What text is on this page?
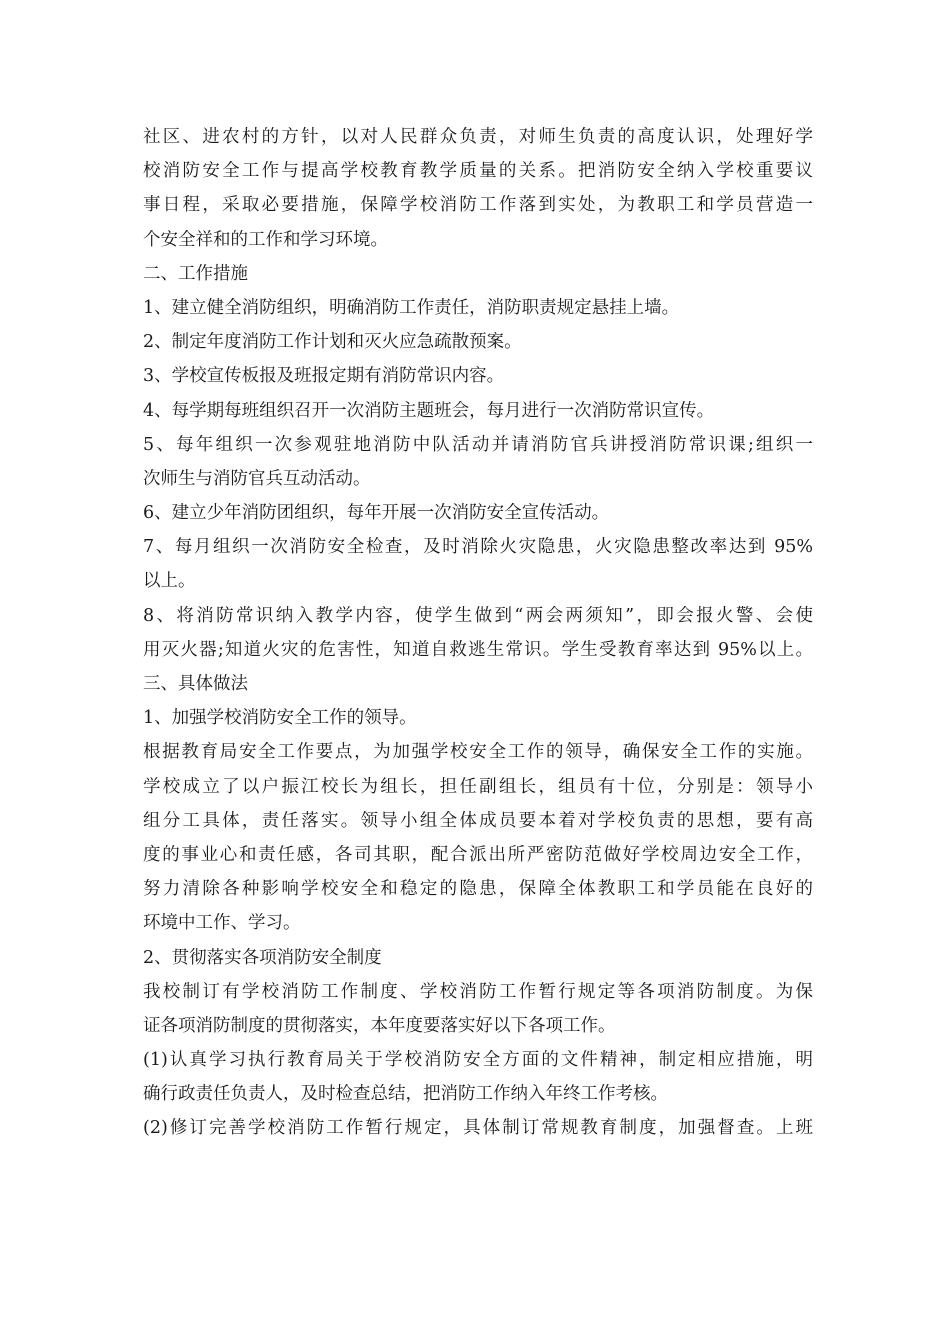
社区、进农村的方针，以对人民群众负责，对师生负责的高度认识，处理好学
校消防安全工作与提高学校教育教学质量的关系。把消防安全纳入学校重要议
事日程，采取必要措施，保障学校消防工作落到实处，为教职工和学员营造一
个安全祥和的工作和学习环境。
二、工作措施
1、建立健全消防组织，明确消防工作责任，消防职责规定悬挂上墙。
2、制定年度消防工作计划和灭火应急疏散预案。
3、学校宣传板报及班报定期有消防常识内容。
4、每学期每班组织召开一次消防主题班会，每月进行一次消防常识宣传。
5、每年组织一次参观驻地消防中队活动并请消防官兵讲授消防常识课;组织一
次师生与消防官兵互动活动。
6、建立少年消防团组织，每年开展一次消防安全宣传活动。
7、每月组织一次消防安全检查，及时消除火灾隐患，火灾隐患整改率达到 95%
以上。
8、将消防常识纳入教学内容，使学生做到“两会两须知”，即会报火警、会使
用灭火器;知道火灾的危害性，知道自救逃生常识。学生受教育率达到 95%以上。
三、具体做法
1、加强学校消防安全工作的领导。
根据教育局安全工作要点，为加强学校安全工作的领导，确保安全工作的实施。
学校成立了以户振江校长为组长，担任副组长，组员有十位，分别是：领导小
组分工具体，责任落实。领导小组全体成员要本着对学校负责的思想，要有高
度的事业心和责任感，各司其职，配合派出所严密防范做好学校周边安全工作，
努力清除各种影响学校安全和稳定的隐患，保障全体教职工和学员能在良好的
环境中工作、学习。
2、贯彻落实各项消防安全制度
我校制订有学校消防工作制度、学校消防工作暂行规定等各项消防制度。为保
证各项消防制度的贯彻落实，本年度要落实好以下各项工作。
(1)认真学习执行教育局关于学校消防安全方面的文件精神，制定相应措施，明
确行政责任负责人，及时检查总结，把消防工作纳入年终工作考核。
(2)修订完善学校消防工作暂行规定，具体制订常规教育制度，加强督查。上班
